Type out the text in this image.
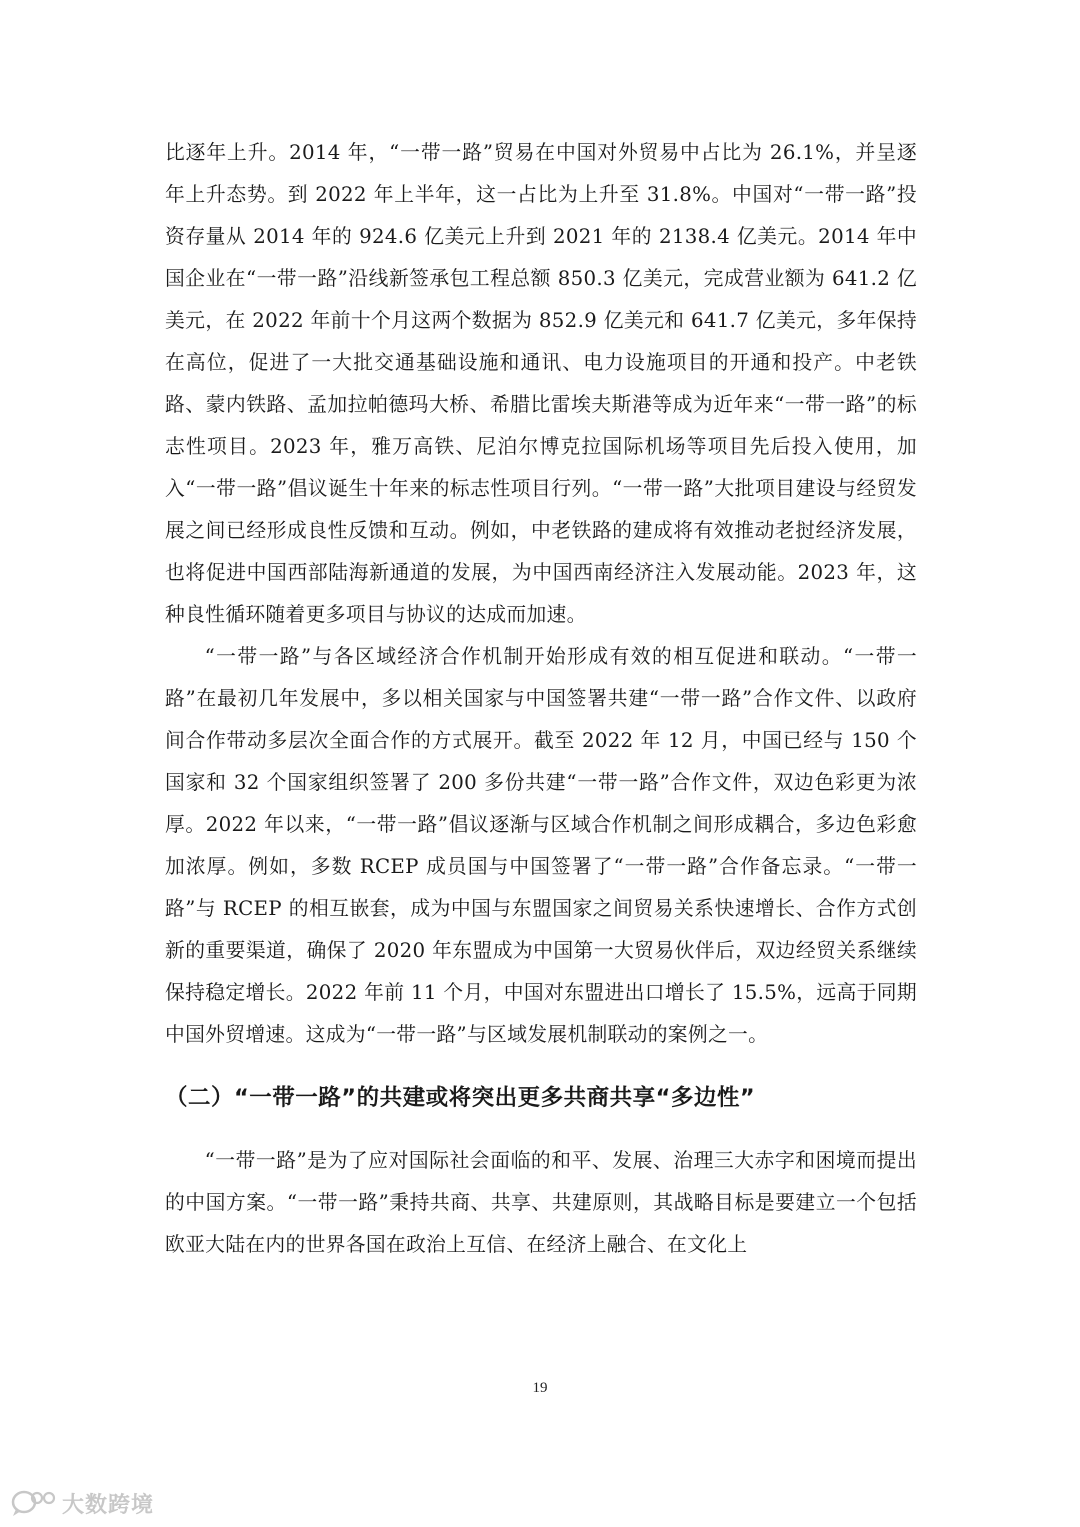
比逐年上升。2014 年，“一带一路”贸易在中国对外贸易中占比为 26.1%，并呈逐年上升态势。到 2022 年上半年，这一占比为上升至 31.8%。中国对“一带一路”投资存量从 2014 年的 924.6 亿美元上升到 2021 年的 2138.4 亿美元。2014 年中国企业在“一带一路”沿线新签承包工程总额 850.3 亿美元，完成营业额为 641.2 亿美元，在 2022 年前十个月这两个数据为 852.9 亿美元和 641.7 亿美元，多年保持在高位，促进了一大批交通基础设施和通讯、电力设施项目的开通和投产。中老铁路、蒙内铁路、孟加拉帕德玛大桥、希腊比雷埃夫斯港等成为近年来“一带一路”的标志性项目。2023 年，雅万高铁、尼泊尔博克拉国际机场等项目先后投入使用，加入“一带一路”倡议诞生十年来的标志性项目行列。“一带一路”大批项目建设与经贸发展之间已经形成良性反馈和互动。例如，中老铁路的建成将有效推动老挝经济发展，也将促进中国西部陆海新通道的发展，为中国西南经济注入发展动能。2023 年，这种良性循环随着更多项目与协议的达成而加速。

“一带一路”与各区域经济合作机制开始形成有效的相互促进和联动。“一带一路”在最初几年发展中，多以相关国家与中国签署共建“一带一路”合作文件、以政府间合作带动多层次全面合作的方式展开。截至 2022 年 12 月，中国已经与 150 个国家和 32 个国家组织签署了 200 多份共建“一带一路”合作文件，双边色彩更为浓厚。2022 年以来，“一带一路”倡议逐渐与区域合作机制之间形成耦合，多边色彩愈加浓厚。例如，多数 RCEP 成员国与中国签署了“一带一路”合作备忘录。“一带一路”与 RCEP 的相互嵌套，成为中国与东盟国家之间贸易关系快速增长、合作方式创新的重要渠道，确保了 2020 年东盟成为中国第一大贸易伙伴后，双边经贸关系继续保持稳定增长。2022 年前 11 个月，中国对东盟进出口增长了 15.5%，远高于同期中国外贸增速。这成为“一带一路”与区域发展机制联动的案例之一。

（二）“一带一路”的共建或将突出更多共商共享“多边性”

“一带一路”是为了应对国际社会面临的和平、发展、治理三大赤字和困境而提出的中国方案。“一带一路”秉持共商、共享、共建原则，其战略目标是要建立一个包括欧亚大陆在内的世界各国在政治上互信、在经济上融合、在文化上

19
大数跨境
